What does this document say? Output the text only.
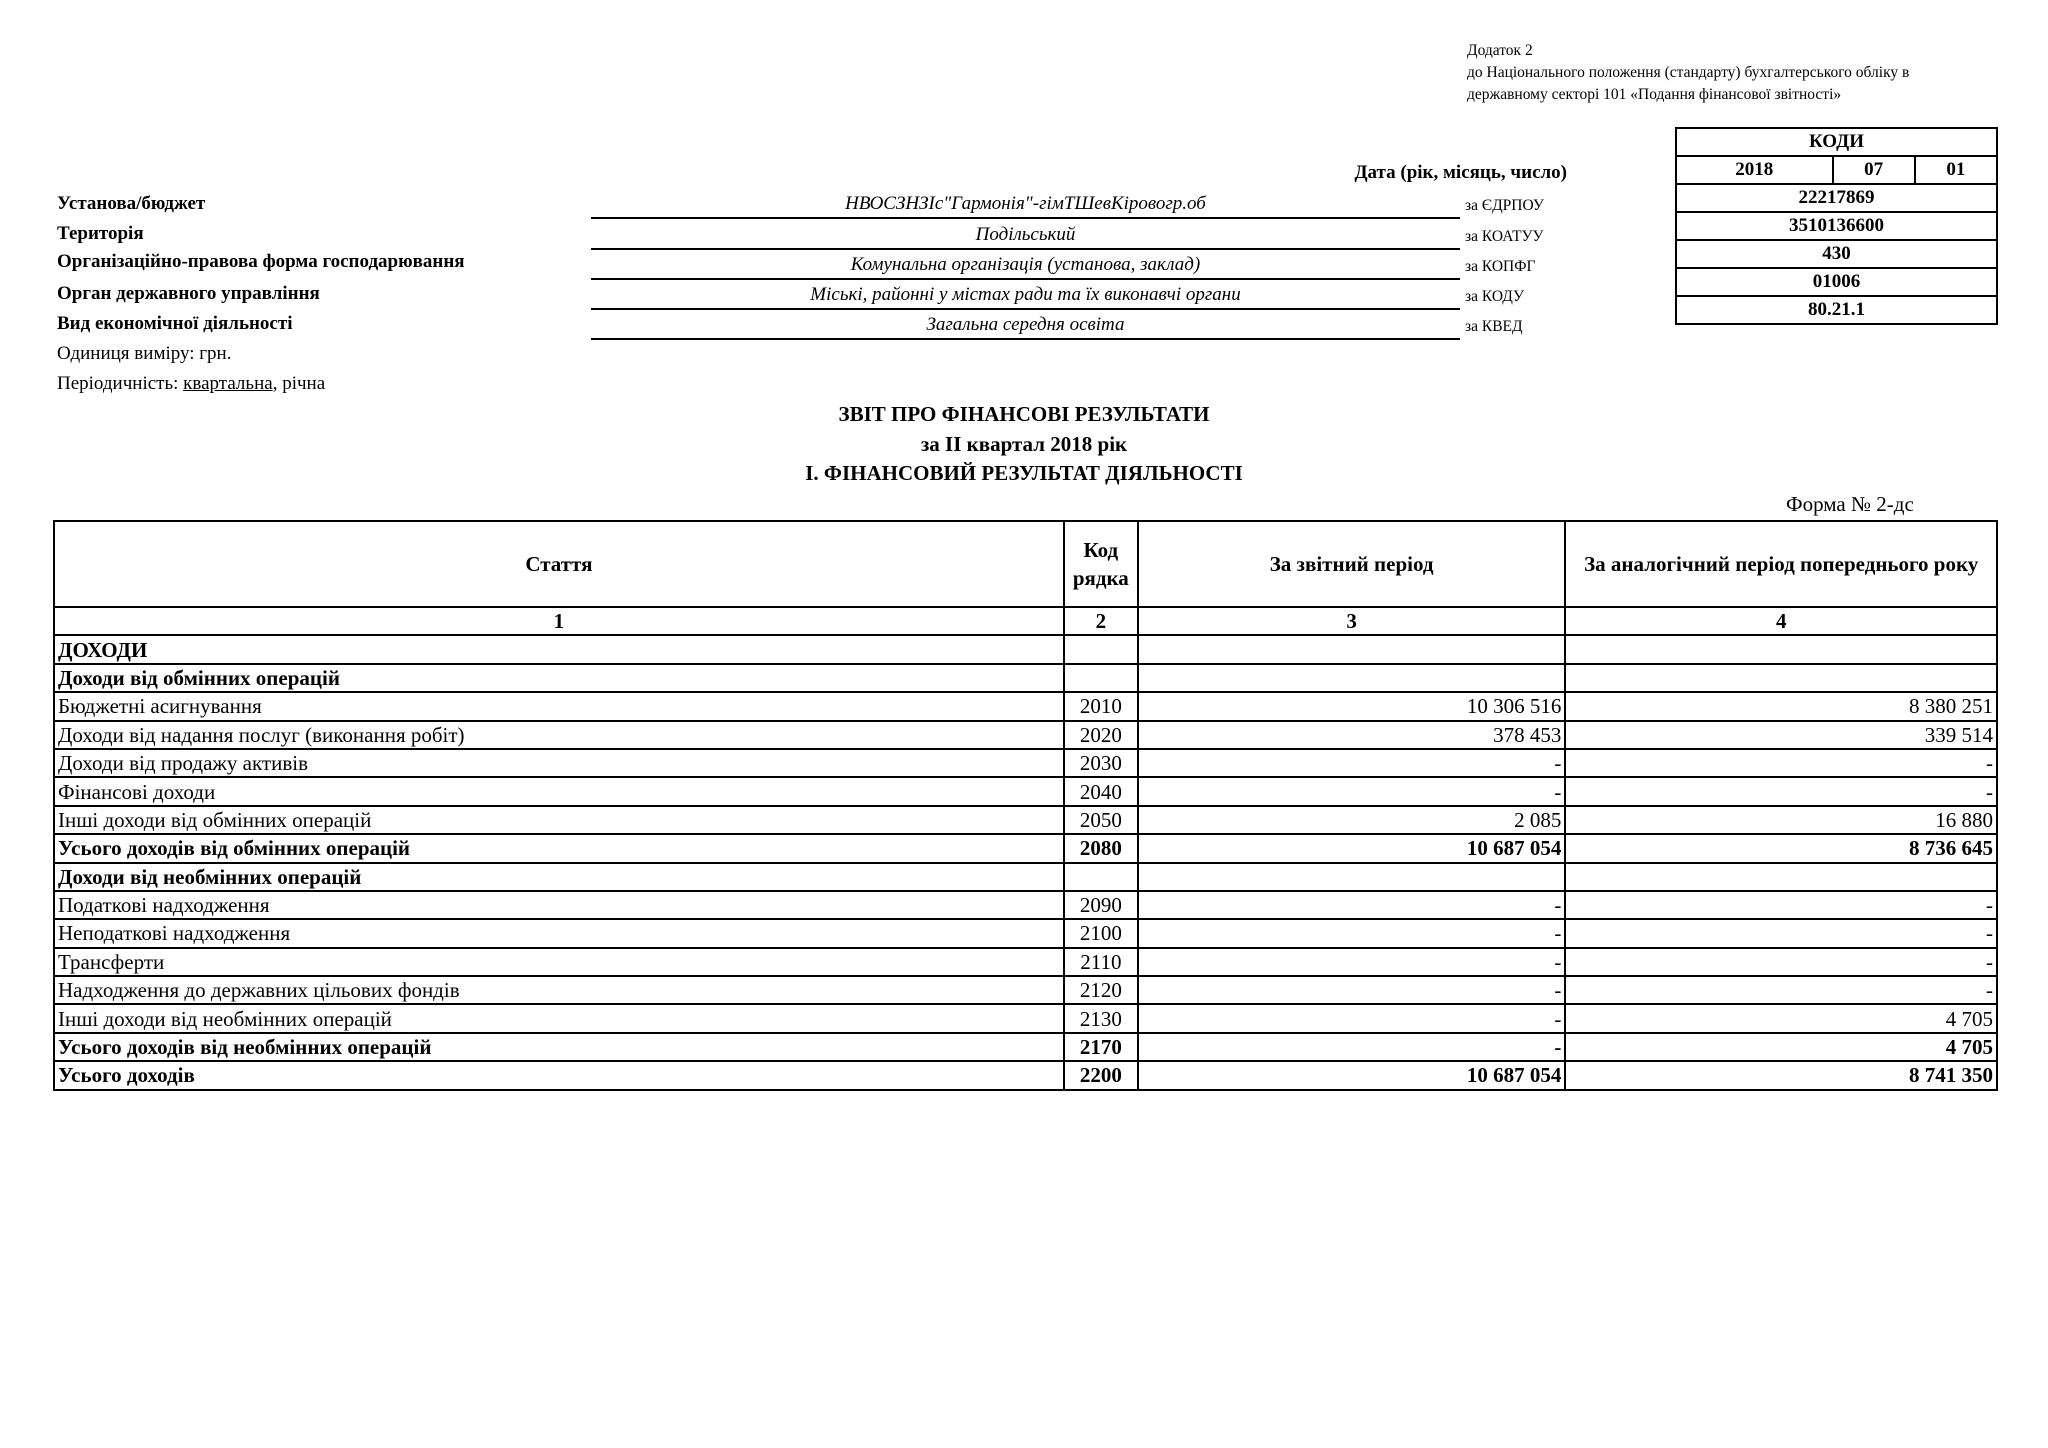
Додаток 2
до Національного положення (стандарту) бухгалтерського обліку в
державному секторі 101 «Подання фінансової звітності»
КОДИ
2018	07	01
22217869
3510136600
430
01006
80.21.1
Дата (рік, місяць, число)
Установа/бюджет	НВОСЗНЗІс"Гармонія"-гімТШевКіровогр.об	за ЄДРПОУ
Територія	Подільський	за КОАТУУ
Організаційно-правова форма господарювання	Комунальна організація (установа, заклад)	за КОПФГ
Орган державного управління	Міські, районні у містах ради та їх виконавчі органи	за КОДУ
Вид економічної діяльності	Загальна середня освіта	за КВЕД
Одиниця виміру: грн.
Періодичність: квартальна, річна
ЗВІТ ПРО ФІНАНСОВІ РЕЗУЛЬТАТИ
за ІІ квартал 2018 рік
І. ФІНАНСОВИЙ РЕЗУЛЬТАТ ДІЯЛЬНОСТІ
Форма № 2-дс
Стаття	Код рядка	За звітний період	За аналогічний період попереднього року
1	2	3	4
ДОХОДИ			
Доходи від обмінних операцій			
Бюджетні асигнування	2010	10 306 516	8 380 251
Доходи від надання послуг (виконання робіт)	2020	378 453	339 514
Доходи від продажу активів	2030	-	-
Фінансові доходи	2040	-	-
Інші доходи від обмінних операцій	2050	2 085	16 880
Усього доходів від обмінних операцій	2080	10 687 054	8 736 645
Доходи від необмінних операцій			
Податкові надходження	2090	-	-
Неподаткові надходження	2100	-	-
Трансферти	2110	-	-
Надходження до державних цільових фондів	2120	-	-
Інші доходи від необмінних операцій	2130	-	4 705
Усього доходів від необмінних операцій	2170	-	4 705
Усього доходів	2200	10 687 054	8 741 350
